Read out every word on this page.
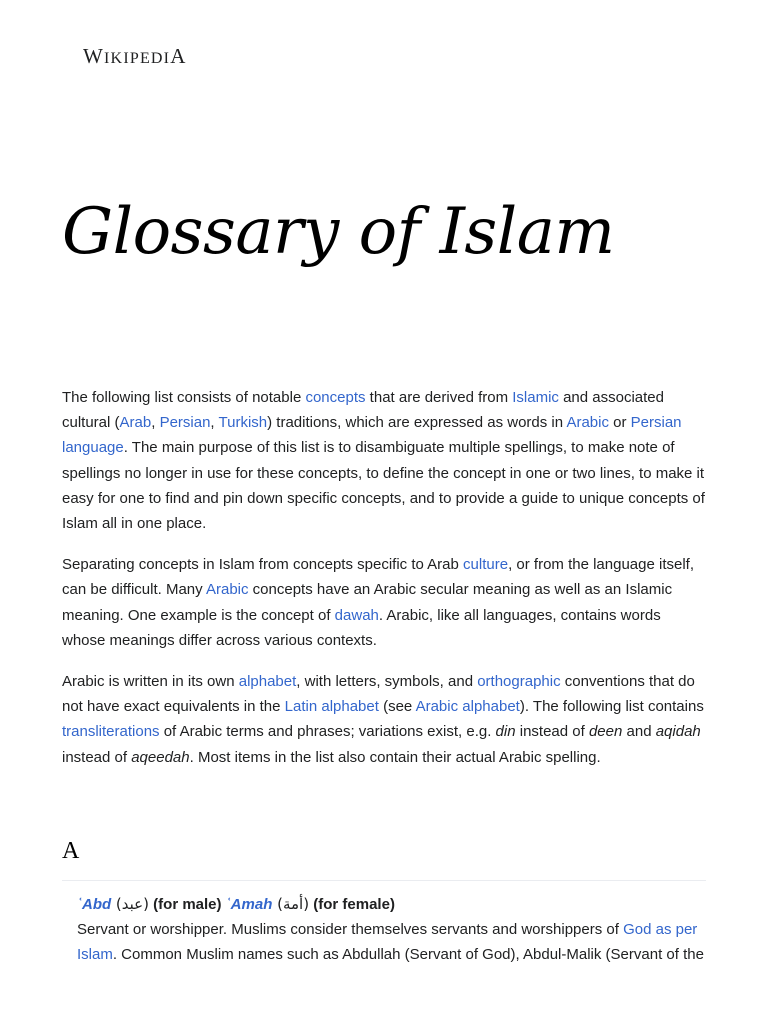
WIKIPEDIA
Glossary of Islam

The following list consists of notable concepts that are derived from Islamic and associated cultural (Arab, Persian, Turkish) traditions, which are expressed as words in Arabic or Persian language. The main purpose of this list is to disambiguate multiple spellings, to make note of spellings no longer in use for these concepts, to define the concept in one or two lines, to make it easy for one to find and pin down specific concepts, and to provide a guide to unique concepts of Islam all in one place.

Separating concepts in Islam from concepts specific to Arab culture, or from the language itself, can be difficult. Many Arabic concepts have an Arabic secular meaning as well as an Islamic meaning. One example is the concept of dawah. Arabic, like all languages, contains words whose meanings differ across various contexts.

Arabic is written in its own alphabet, with letters, symbols, and orthographic conventions that do not have exact equivalents in the Latin alphabet (see Arabic alphabet). The following list contains transliterations of Arabic terms and phrases; variations exist, e.g. din instead of deen and aqidah instead of aqeedah. Most items in the list also contain their actual Arabic spelling.

A
ʿAbd (عبد) (for male) ʿAmah (أمة) (for female)
Servant or worshipper. Muslims consider themselves servants and worshippers of God as per Islam. Common Muslim names such as Abdullah (Servant of God), Abdul-Malik (Servant of the
